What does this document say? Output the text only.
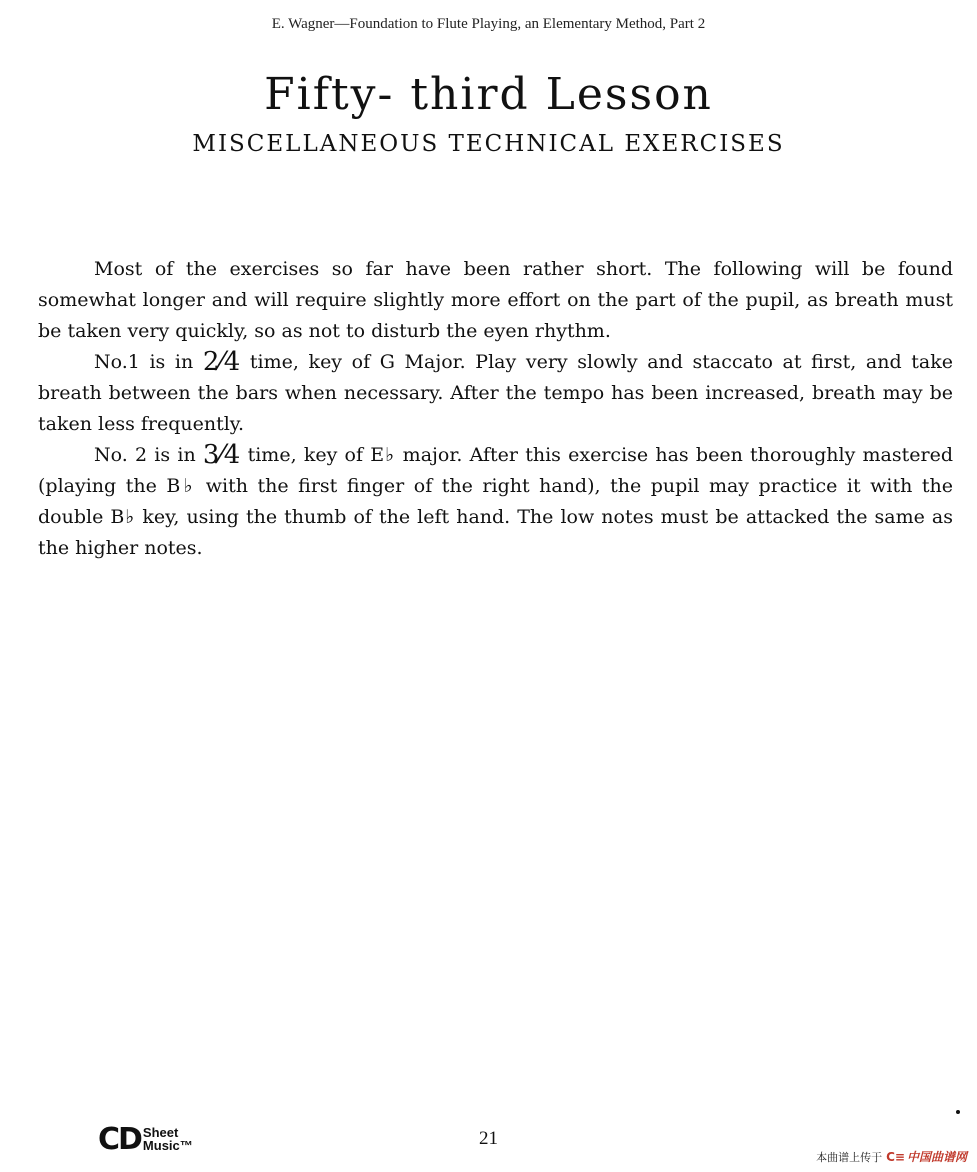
E. Wagner—Foundation to Flute Playing, an Elementary Method, Part 2
Fifty- third Lesson
MISCELLANEOUS TECHNICAL EXERCISES

Most of the exercises so far have been rather short. The following will be found somewhat longer and will require slightly more effort on the part of the pupil, as breath must be taken very quickly, so as not to disturb the eyen rhythm.

No.1 is in 2⁄4 time, key of G Major. Play very slowly and staccato at first, and take breath between the bars when necessary. After the tempo has been increased, breath may be taken less frequently.

No. 2 is in 3⁄4 time, key of E♭ major. After this exercise has been thoroughly mastered (playing the B♭ with the first finger of the right hand), the pupil may practice it with the double B♭ key, using the thumb of the left hand. The low notes must be attacked the same as the higher notes.

CD Sheet
Music™	21
本曲谱上传于 C≡ 中国曲谱网
